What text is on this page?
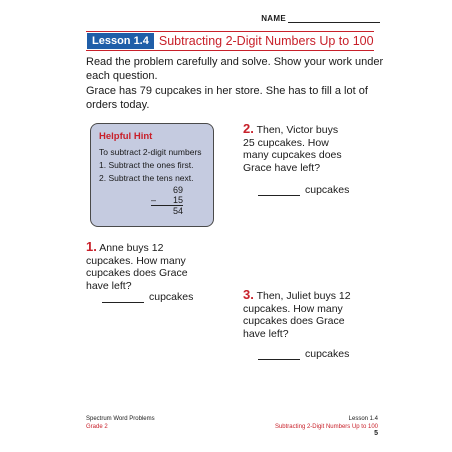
NAME
Lesson 1.4 Subtracting 2-Digit Numbers Up to 100
Read the problem carefully and solve. Show your work under each question.
Grace has 79 cupcakes in her store. She has to fill a lot of orders today.
Helpful Hint
To subtract 2-digit numbers
1. Subtract the ones first.
2. Subtract the tens next.
69
– 15
54
1. Anne buys 12 cupcakes. How many cupcakes does Grace have left?
cupcakes
2. Then, Victor buys 25 cupcakes. How many cupcakes does Grace have left?
cupcakes
3. Then, Juliet buys 12 cupcakes. How many cupcakes does Grace have left?
cupcakes
Spectrum Word Problems
Grade 2
Lesson 1.4
Subtracting 2-Digit Numbers Up to 100
5
